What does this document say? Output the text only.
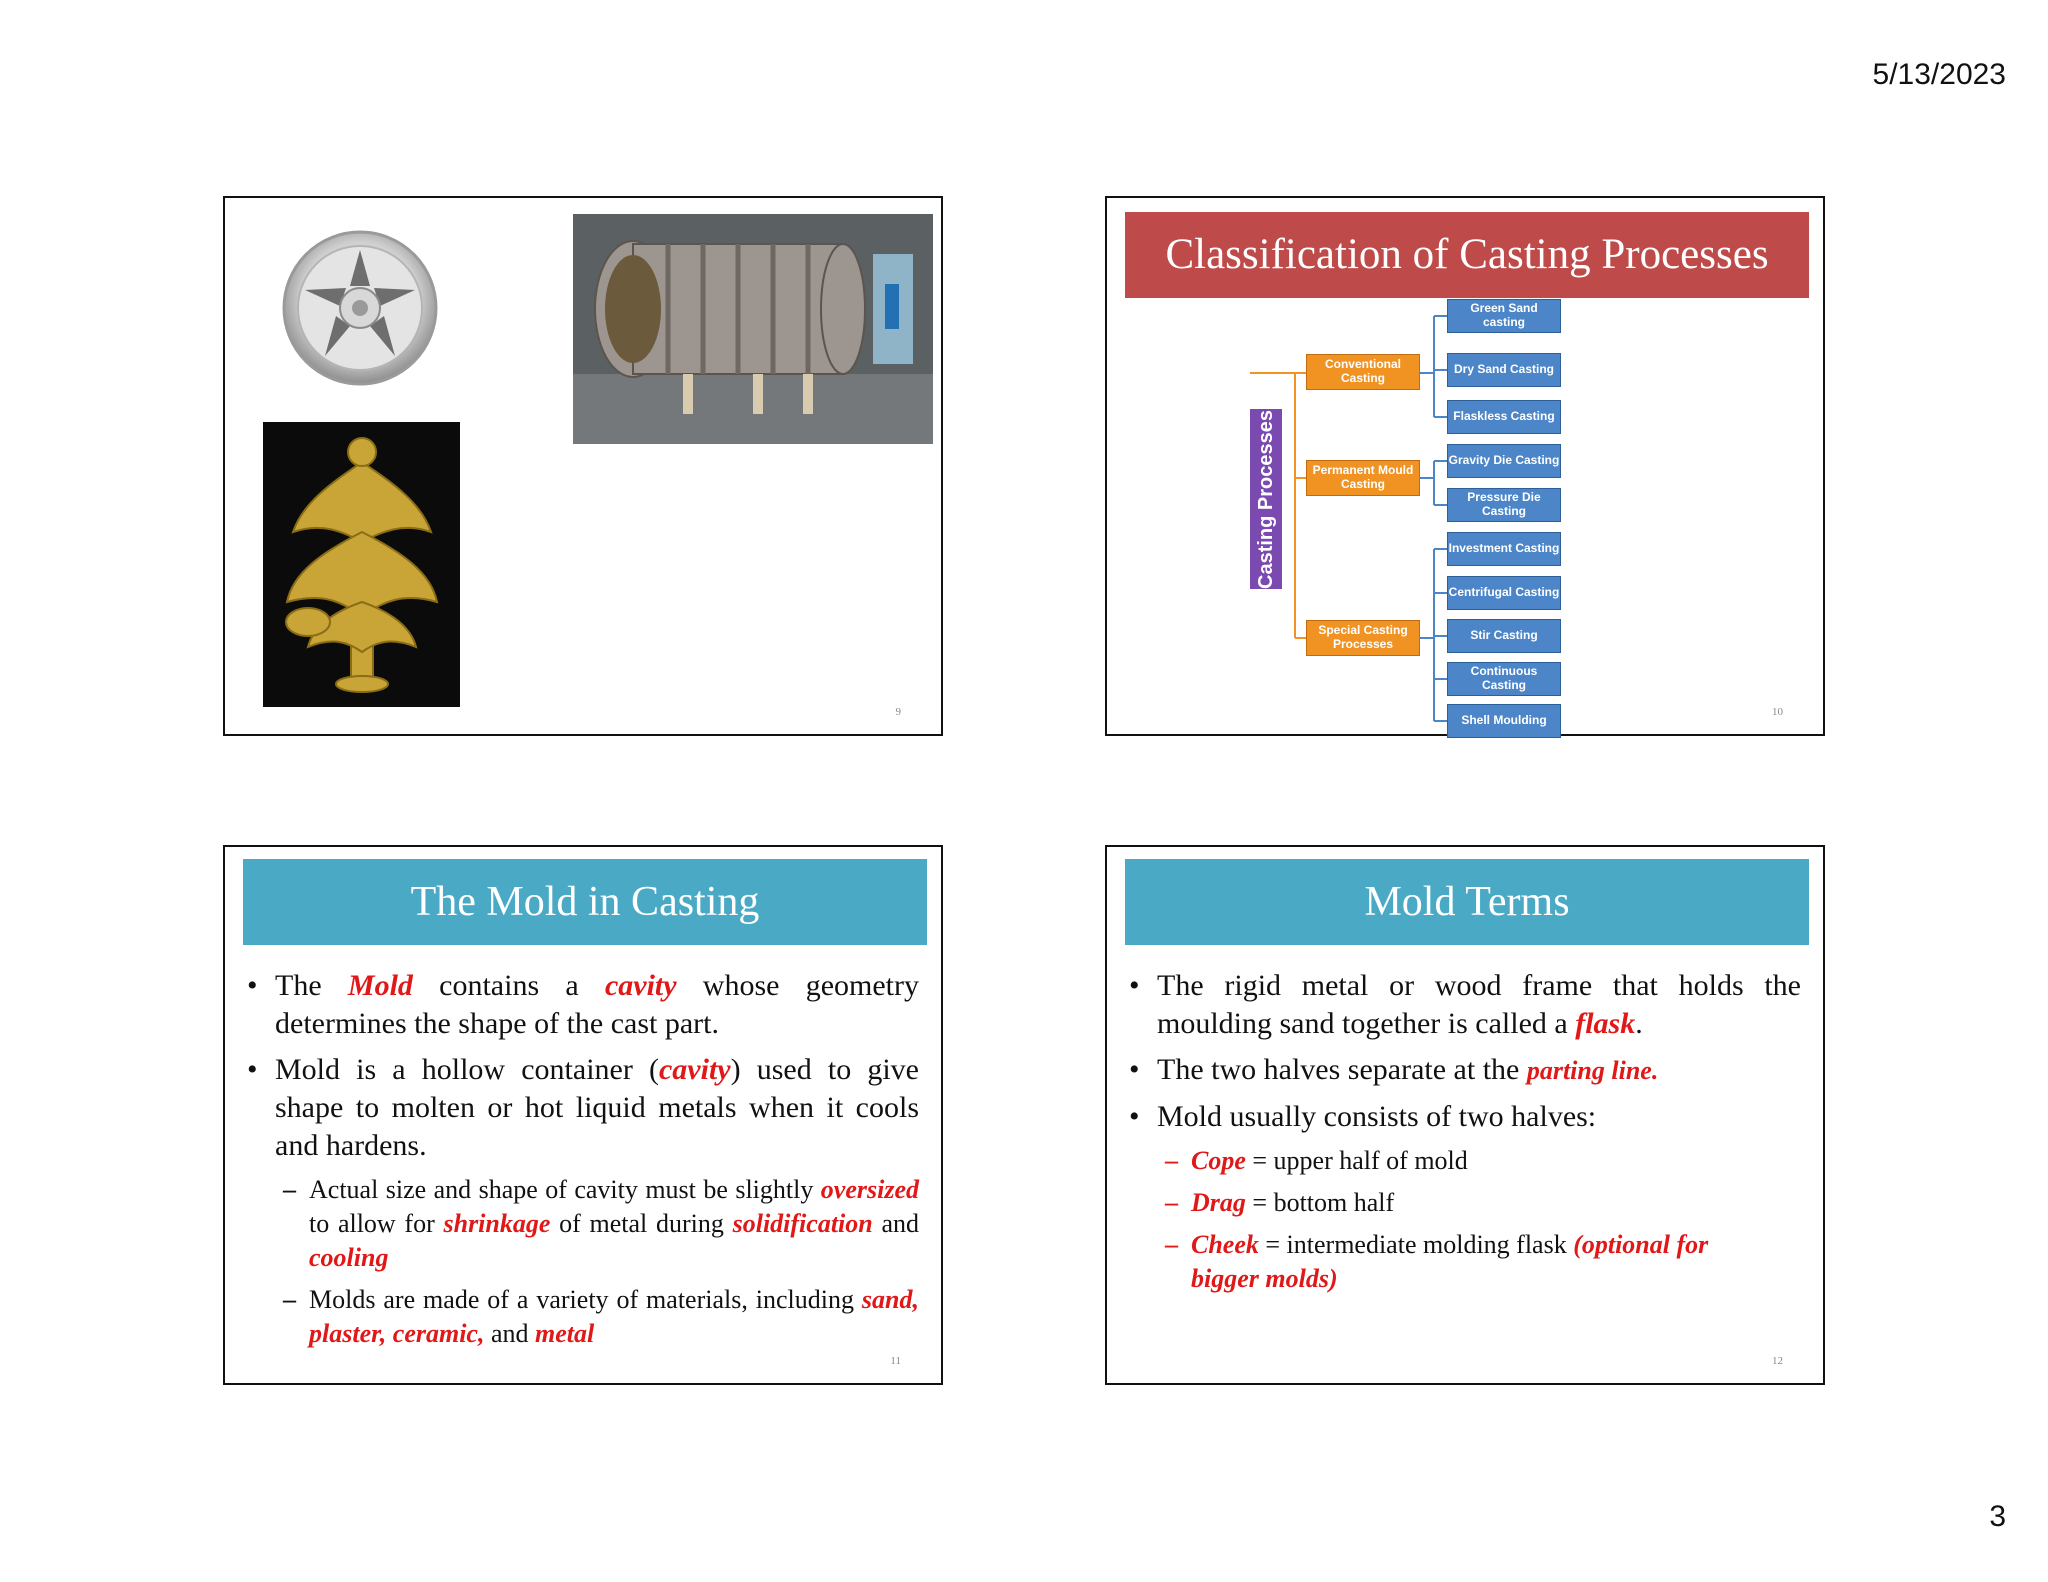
5/13/2023
9
Classification of Casting Processes
Casting Processes
Conventional Casting
Permanent Mould Casting
Special Casting Processes
Green Sand casting
Dry Sand Casting
Flaskless Casting
Gravity Die Casting
Pressure Die Casting
Investment Casting
Centrifugal Casting
Stir Casting
Continuous Casting
Shell Moulding
10
The Mold in Casting
• The Mold contains a cavity whose geometry determines the shape of the cast part.
• Mold is a hollow container (cavity) used to give shape to molten or hot liquid metals when it cools and hardens.
– Actual size and shape of cavity must be slightly oversized to allow for shrinkage of metal during solidification and cooling
– Molds are made of a variety of materials, including sand, plaster, ceramic, and metal
11
Mold Terms
• The rigid metal or wood frame that holds the moulding sand together is called a flask.
• The two halves separate at the parting line.
• Mold usually consists of two halves:
– Cope = upper half of mold
– Drag = bottom half
– Cheek = intermediate molding flask (optional for bigger molds)
12
3
